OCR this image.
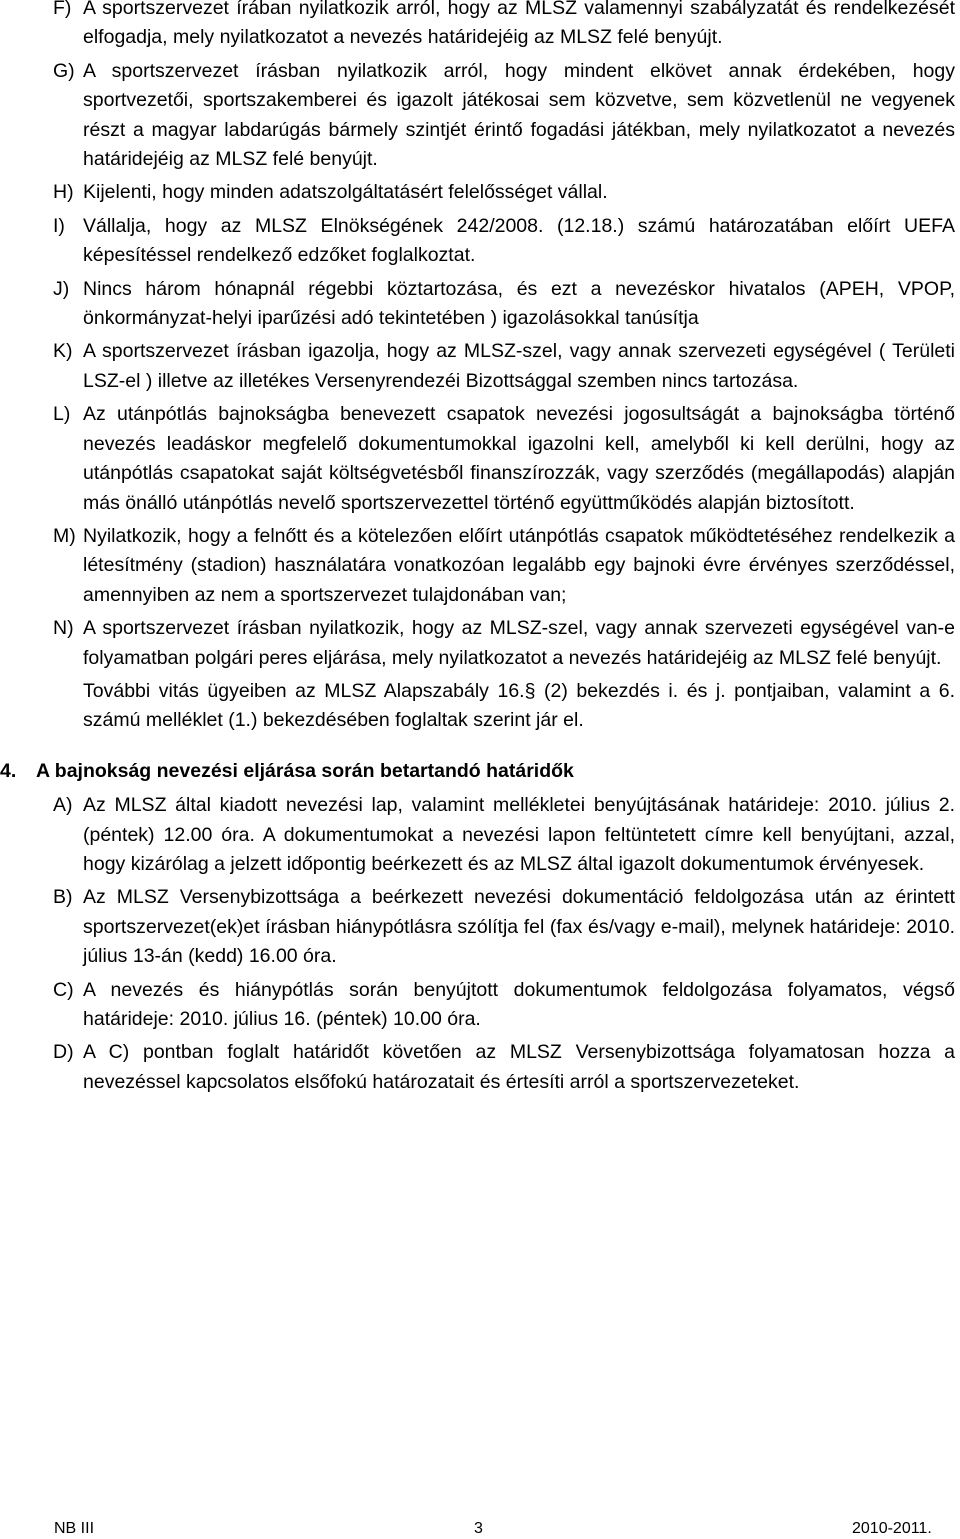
F) A sportszervezet írában nyilatkozik arról, hogy az MLSZ valamennyi szabályzatát és rendelkezését elfogadja, mely nyilatkozatot a nevezés határidejéig az MLSZ felé benyújt.
G) A sportszervezet írásban nyilatkozik arról, hogy mindent elkövet annak érdekében, hogy sportvezetői, sportszakemberei és igazolt játékosai sem közvetve, sem közvetlenül ne vegyenek részt a magyar labdarúgás bármely szintjét érintő fogadási játékban, mely nyilatkozatot a nevezés határidejéig az MLSZ felé benyújt.
H) Kijelenti, hogy minden adatszolgáltatásért felelősséget vállal.
I) Vállalja, hogy az MLSZ Elnökségének 242/2008. (12.18.) számú határozatában előírt UEFA képesítéssel rendelkező edzőket foglalkoztat.
J) Nincs három hónapnál régebbi köztartozása, és ezt a nevezéskor hivatalos (APEH, VPOP, önkormányzat-helyi iparűzési adó tekintetében ) igazolásokkal tanúsítja
K) A sportszervezet írásban igazolja, hogy az MLSZ-szel, vagy annak szervezeti egységével ( Területi LSZ-el ) illetve az illetékes Versenyrendezéi Bizottsággal szemben nincs tartozása.
L) Az utánpótlás bajnokságba benevezett csapatok nevezési jogosultságát a bajnokságba történő nevezés leadáskor megfelelő dokumentumokkal igazolni kell, amelyből ki kell derülni, hogy az utánpótlás csapatokat saját költségvetésből finanszírozzák, vagy szerződés (megállapodás) alapján más önálló utánpótlás nevelő sportszervezettel történő együttműködés alapján biztosított.
M) Nyilatkozik, hogy a felnőtt és a kötelezően előírt utánpótlás csapatok működtetéséhez rendelkezik a létesítmény (stadion) használatára vonatkozóan legalább egy bajnoki évre érvényes szerződéssel, amennyiben az nem a sportszervezet tulajdonában van;
N) A sportszervezet írásban nyilatkozik, hogy az MLSZ-szel, vagy annak szervezeti egységével van-e folyamatban polgári peres eljárása, mely nyilatkozatot a nevezés határidejéig az MLSZ felé benyújt.

További vitás ügyeiben az MLSZ Alapszabály 16.§ (2) bekezdés i. és j. pontjaiban, valamint a 6. számú melléklet (1.) bekezdésében foglaltak szerint jár el.

4.	A bajnokság nevezési eljárása során betartandó határidők
A) Az MLSZ által kiadott nevezési lap, valamint mellékletei benyújtásának határideje: 2010. július 2. (péntek) 12.00 óra. A dokumentumokat a nevezési lapon feltüntetett címre kell benyújtani, azzal, hogy kizárólag a jelzett időpontig beérkezett és az MLSZ által igazolt dokumentumok érvényesek.
B) Az MLSZ Versenybizottsága a beérkezett nevezési dokumentáció feldolgozása után az érintett sportszervezet(ek)et írásban hiánypótlásra szólítja fel (fax és/vagy e-mail), melynek határideje: 2010. július 13-án (kedd) 16.00 óra.
C) A nevezés és hiánypótlás során benyújtott dokumentumok feldolgozása folyamatos, végső határideje: 2010. július 16. (péntek) 10.00 óra.
D) A C) pontban foglalt határidőt követően az MLSZ Versenybizottsága folyamatosan hozza a nevezéssel kapcsolatos elsőfokú határozatait és értesíti arról a sportszervezeteket.
NB III	3	2010-2011.
